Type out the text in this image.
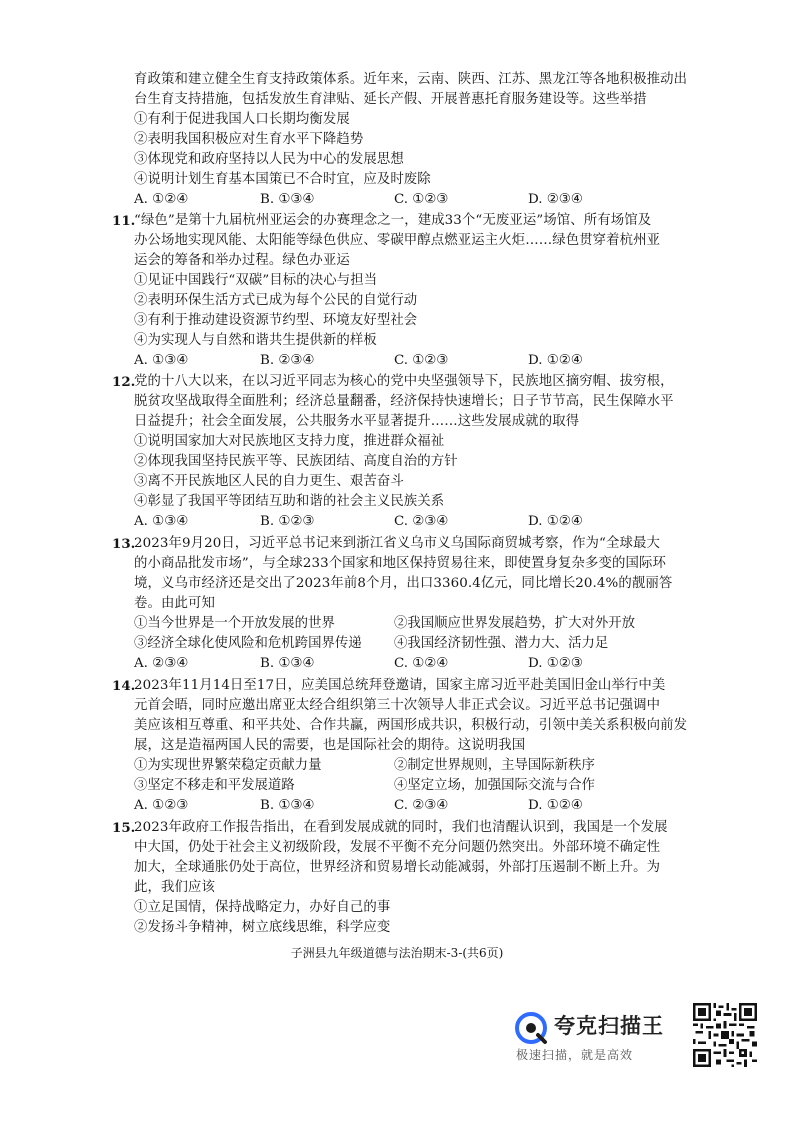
育政策和建立健全生育支持政策体系。近年来，云南、陕西、江苏、黑龙江等各地积极推动出
台生育支持措施，包括发放生育津贴、延长产假、开展普惠托育服务建设等。这些举措
①有利于促进我国人口长期均衡发展
②表明我国积极应对生育水平下降趋势
③体现党和政府坚持以人民为中心的发展思想
④说明计划生育基本国策已不合时宜，应及时废除
A. ①②④	B. ①③④	C. ①②③	D. ②③④
11.
“绿色”是第十九届杭州亚运会的办赛理念之一，建成33个“无废亚运”场馆、所有场馆及
办公场地实现风能、太阳能等绿色供应、零碳甲醇点燃亚运主火炬……绿色贯穿着杭州亚
运会的筹备和举办过程。绿色办亚运
①见证中国践行“双碳”目标的决心与担当
②表明环保生活方式已成为每个公民的自觉行动
③有利于推动建设资源节约型、环境友好型社会
④为实现人与自然和谐共生提供新的样板
A. ①③④	B. ②③④	C. ①②③	D. ①②④
12.
党的十八大以来，在以习近平同志为核心的党中央坚强领导下，民族地区摘穷帽、拔穷根，
脱贫攻坚战取得全面胜利；经济总量翻番，经济保持快速增长；日子节节高，民生保障水平
日益提升；社会全面发展，公共服务水平显著提升……这些发展成就的取得
①说明国家加大对民族地区支持力度，推进群众福祉
②体现我国坚持民族平等、民族团结、高度自治的方针
③离不开民族地区人民的自力更生、艰苦奋斗
④彰显了我国平等团结互助和谐的社会主义民族关系
A. ①③④	B. ①②③	C. ②③④	D. ①②④
13.
2023年9月20日，习近平总书记来到浙江省义乌市义乌国际商贸城考察，作为“全球最大
的小商品批发市场”，与全球233个国家和地区保持贸易往来，即使置身复杂多变的国际环
境，义乌市经济还是交出了2023年前8个月，出口3360.4亿元，同比增长20.4%的靓丽答
卷。由此可知
①当今世界是一个开放发展的世界	②我国顺应世界发展趋势，扩大对外开放
③经济全球化使风险和危机跨国界传递 ④我国经济韧性强、潜力大、活力足
A. ②③④	B. ①③④	C. ①②④	D. ①②③
14.
2023年11月14日至17日，应美国总统拜登邀请，国家主席习近平赴美国旧金山举行中美
元首会晤，同时应邀出席亚太经合组织第三十次领导人非正式会议。习近平总书记强调中
美应该相互尊重、和平共处、合作共赢，两国形成共识，积极行动，引领中美关系积极向前发
展，这是造福两国人民的需要，也是国际社会的期待。这说明我国
①为实现世界繁荣稳定贡献力量	②制定世界规则，主导国际新秩序
③坚定不移走和平发展道路	④坚定立场，加强国际交流与合作
A. ①②③	B. ①③④	C. ②③④	D. ①②④
15.
2023年政府工作报告指出，在看到发展成就的同时，我们也清醒认识到，我国是一个发展
中大国，仍处于社会主义初级阶段，发展不平衡不充分问题仍然突出。外部环境不确定性
加大，全球通胀仍处于高位，世界经济和贸易增长动能减弱，外部打压遏制不断上升。为
此，我们应该
①立足国情，保持战略定力，办好自己的事
②发扬斗争精神，树立底线思维，科学应变
子洲县九年级道德与法治期末-3-(共6页)
夸克扫描王
极速扫描，就是高效
